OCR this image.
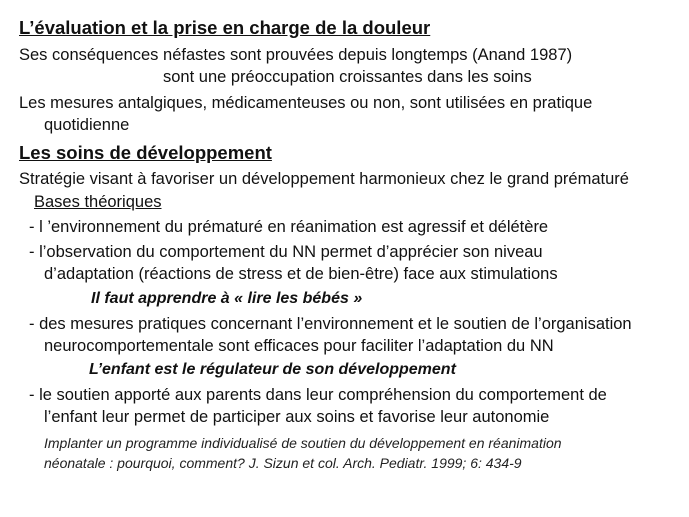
L’évaluation et la prise en charge de la douleur
Ses conséquences néfastes sont prouvées depuis longtemps (Anand 1987)
sont une préoccupation croissantes dans les soins
Les mesures antalgiques, médicamenteuses ou non, sont utilisées en pratique
quotidienne
Les soins de développement
Stratégie visant à favoriser un développement harmonieux chez le grand prématuré
Bases théoriques
- l ’environnement du prématuré en réanimation est agressif et délétère
- l’observation du comportement du NN permet d’apprécier son niveau
d’adaptation (réactions de stress et de bien-être) face aux stimulations
Il faut apprendre à « lire les bébés »
- des mesures pratiques concernant l’environnement et le soutien de l’organisation
neurocomportementale sont efficaces pour faciliter l’adaptation du NN
L’enfant est le régulateur de son développement
- le soutien apporté aux parents dans leur compréhension du comportement de
l’enfant leur permet de participer aux soins et favorise leur autonomie
Implanter un programme individualisé de soutien du développement en réanimation
néonatale : pourquoi, comment? J. Sizun et col. Arch. Pediatr. 1999; 6: 434-9
